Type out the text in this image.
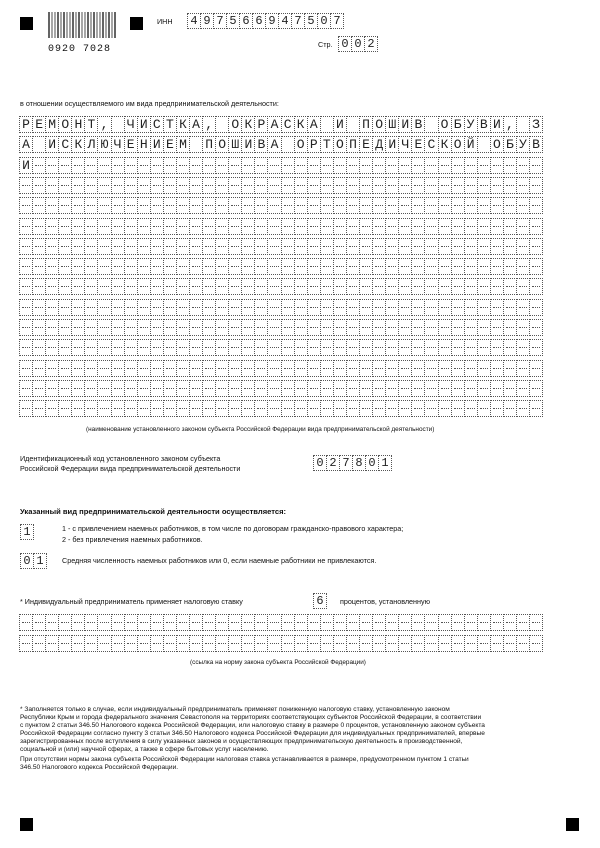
0920 7028
ИНН 4 9 7 5 6 6 9 4 7 5 0 7
Стр. 0 0 2
в отношении осуществляемого им вида предпринимательской деятельности:
Р Е М О Н Т , Ч И С Т К А , О К Р А С К А И П О Ш И В О Б У В И , З
А И С К Л Ю Ч Е Н И Е М П О Ш И В А О Р Т О П Е Д И Ч Е С К О Й О Б У В
И
(наименование установленного законом субъекта Российской Федерации вида предпринимательской деятельности)
Идентификационный код установленного законом субъекта
Российской Федерации вида предпринимательской деятельности	0 2 7 8 0 1
Указанный вид предпринимательской деятельности осуществляется:
1	1 - с привлечением наемных работников, в том числе по договорам гражданско-правового характера;
2 - без привлечения наемных работников.
0 1	Средняя численность наемных работников или 0, если наемные работники не привлекаются.
* Индивидуальный предприниматель применяет налоговую ставку	6	процентов, установленную
(ссылка на норму закона субъекта Российской Федерации)
* Заполняется только в случае, если индивидуальный предприниматель применяет пониженную налоговую ставку, установленную законом
Республики Крым и города федерального значения Севастополя на территориях соответствующих субъектов Российской Федерации, в соответствии
с пунктом 2 статьи 346.50 Налогового кодекса Российской Федерации, или налоговую ставку в размере 0 процентов, установленную законом субъекта
Российской Федерации согласно пункту 3 статьи 346.50 Налогового кодекса Российской Федерации для индивидуальных предпринимателей, впервые
зарегистрированных после вступления в силу указанных законов и осуществляющих предпринимательскую деятельность в производственной,
социальной и (или) научной сферах, а также в сфере бытовых услуг населению.
При отсутствии нормы закона субъекта Российской Федерации налоговая ставка устанавливается в размере, предусмотренном пунктом 1 статьи
346.50 Налогового кодекса Российской Федерации.
